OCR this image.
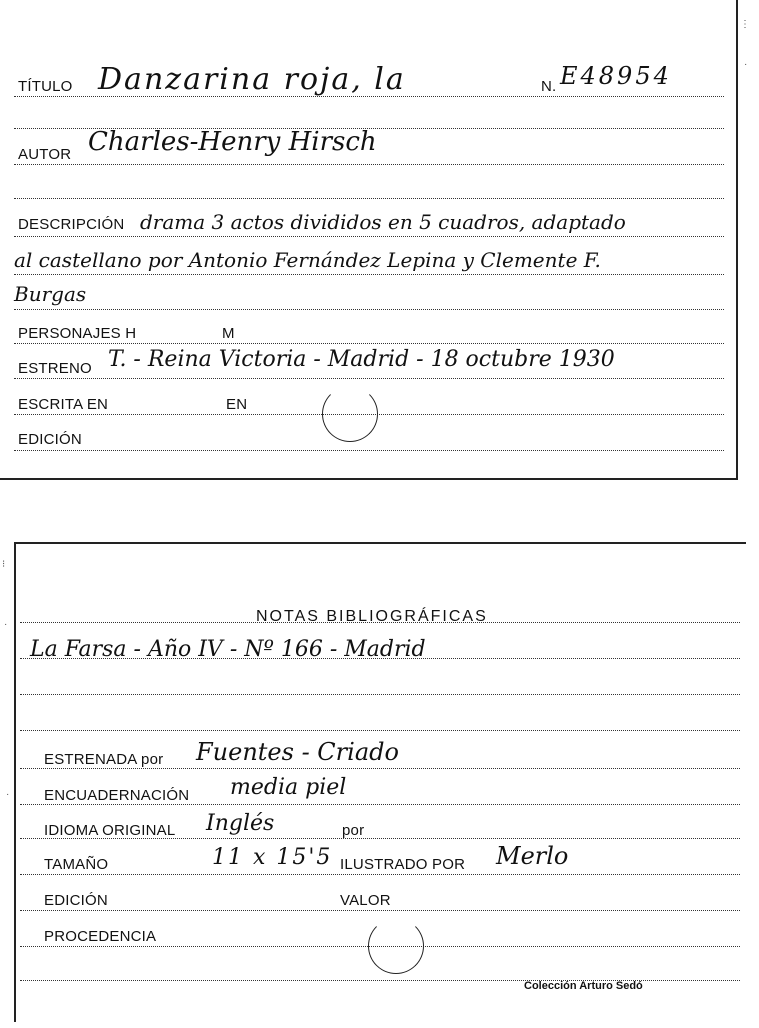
TÍTULO Danzarina roja, la	N. E48954
AUTOR Charles-Henry Hirsch
DESCRIPCIÓN drama 3 actos divididos en 5 cuadros, adaptado
al castellano por Antonio Fernández Lepina y Clemente F.
Burgas
PERSONAJES H	M
ESTRENO T. - Reina Victoria - Madrid - 18 octubre 1930
ESCRITA EN	EN
EDICIÓN
⋮
·
⁝
·
·
NOTAS BIBLIOGRÁFICAS
La Farsa - Año IV - Nº 166 - Madrid
ESTRENADA por Fuentes - Criado
ENCUADERNACIÓN media piel
IDIOMA ORIGINAL Inglés	por
TAMAÑO	11 x 15'5 ILUSTRADO POR Merlo
EDICIÓN	VALOR
PROCEDENCIA
Colección Arturo Sedó
